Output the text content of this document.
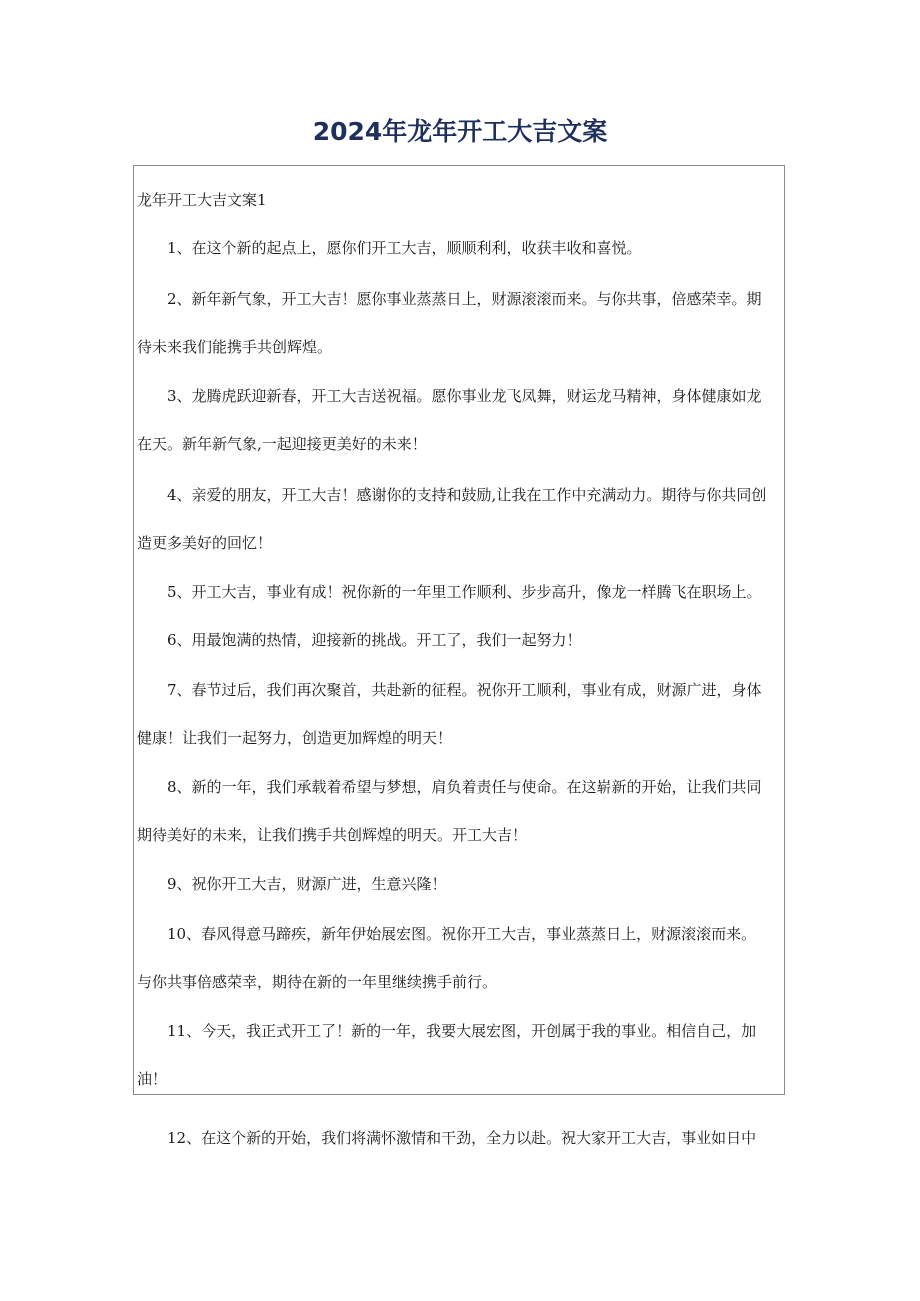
2024年龙年开工大吉文案
龙年开工大吉文案1
1、在这个新的起点上，愿你们开工大吉，顺顺利利，收获丰收和喜悦。
2、新年新气象，开工大吉！愿你事业蒸蒸日上，财源滚滚而来。与你共事，倍感荣幸。期
待未来我们能携手共创辉煌。
3、龙腾虎跃迎新春，开工大吉送祝福。愿你事业龙飞凤舞，财运龙马精神，身体健康如龙
在天。新年新气象,一起迎接更美好的未来！
4、亲爱的朋友，开工大吉！感谢你的支持和鼓励,让我在工作中充满动力。期待与你共同创
造更多美好的回忆！
5、开工大吉，事业有成！祝你新的一年里工作顺利、步步高升，像龙一样腾飞在职场上。
6、用最饱满的热情，迎接新的挑战。开工了，我们一起努力！
7、春节过后，我们再次聚首，共赴新的征程。祝你开工顺利，事业有成，财源广进，身体
健康！让我们一起努力，创造更加辉煌的明天！
8、新的一年，我们承载着希望与梦想，肩负着责任与使命。在这崭新的开始，让我们共同
期待美好的未来，让我们携手共创辉煌的明天。开工大吉！
9、祝你开工大吉，财源广进，生意兴隆！
10、春风得意马蹄疾，新年伊始展宏图。祝你开工大吉，事业蒸蒸日上，财源滚滚而来。
与你共事倍感荣幸，期待在新的一年里继续携手前行。
11、今天，我正式开工了！新的一年，我要大展宏图，开创属于我的事业。相信自己，加
油！
12、在这个新的开始，我们将满怀激情和干劲，全力以赴。祝大家开工大吉，事业如日中
